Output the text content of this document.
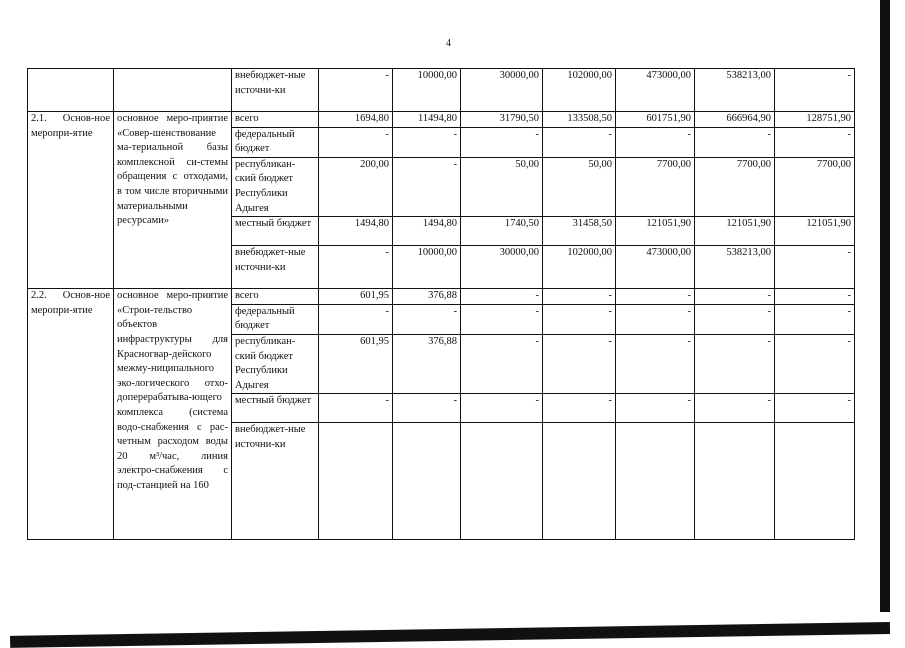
4
		внебюджет-ные источни-ки	-	10000,00	30000,00	102000,00	473000,00	538213,00	-
2.1. Основ-ное меропри-ятие	основное меро-приятие «Совер-шенствование ма-териальной базы комплексной си-стемы обращения с отходами, в том числе вторичными материальными ресурсами»	всего	1694,80	11494,80	31790,50	133508,50	601751,90	666964,90	128751,90
		федеральный бюджет	-	-	-	-	-	-	-
		республикан-ский бюджет Республики Адыгея	200,00	-	50,00	50,00	7700,00	7700,00	7700,00
		местный бюджет	1494,80	1494,80	1740,50	31458,50	121051,90	121051,90	121051,90
		внебюджет-ные источни-ки	-	10000,00	30000,00	102000,00	473000,00	538213,00	-
2.2. Основ-ное меропри-ятие	основное меро-приятие «Строи-тельство объектов инфраструктуры для Красногвар-дейского межму-ниципального эко-логического отхо-доперерабатыва-ющего комплекса (система водо-снабжения с рас-четным расходом воды 20 м³/час, линия электро-снабжения с под-станцией на 160	всего	601,95	376,88	-	-	-	-	-
		федеральный бюджет	-	-	-	-	-	-	-
		республикан-ский бюджет Республики Адыгея	601,95	376,88	-	-	-	-	-
		местный бюджет	-	-	-	-	-	-	-
		внебюджет-ные источни-ки							
